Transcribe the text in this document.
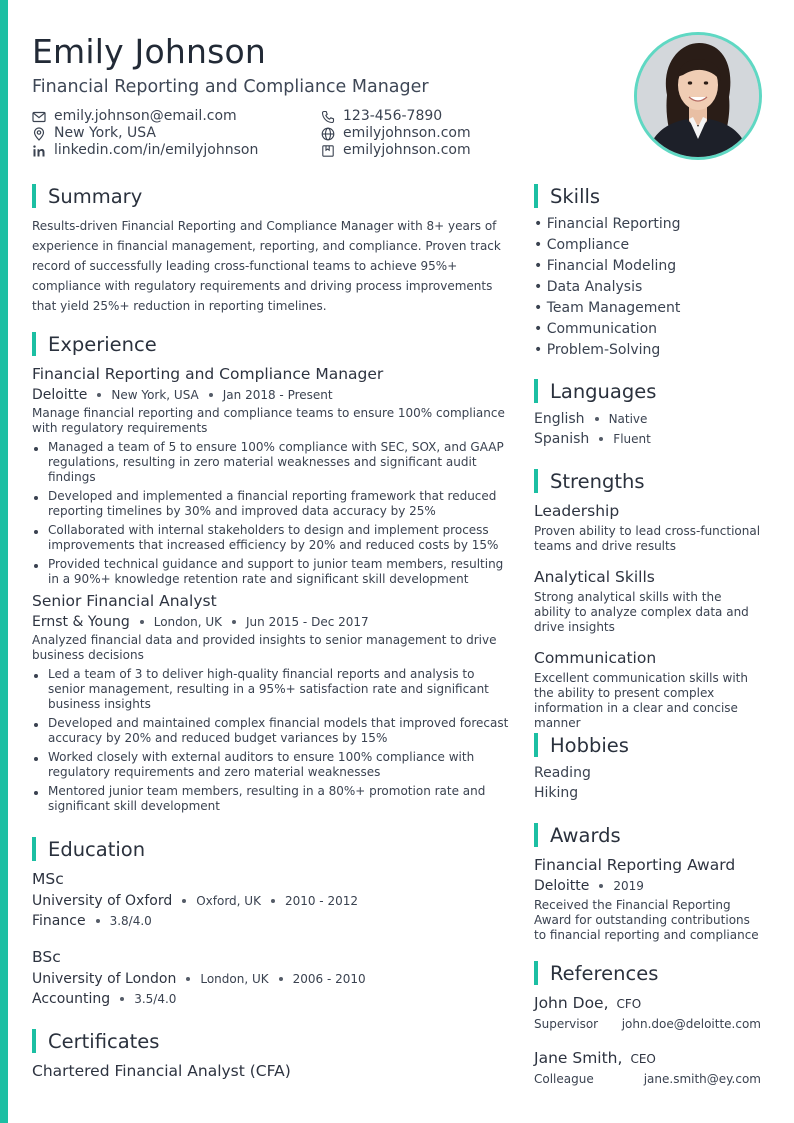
Emily Johnson
Financial Reporting and Compliance Manager
emily.johnson@email.com	123-456-7890
New York, USA	emilyjohnson.com
linkedin.com/in/emilyjohnson	emilyjohnson.com
Summary
Results-driven Financial Reporting and Compliance Manager with 8+ years of experience in financial management, reporting, and compliance. Proven track record of successfully leading cross-functional teams to achieve 95%+ compliance with regulatory requirements and driving process improvements that yield 25%+ reduction in reporting timelines.
Experience
Financial Reporting and Compliance Manager
Deloitte New York, USA Jan 2018 - Present
Manage financial reporting and compliance teams to ensure 100% compliance with regulatory requirements
Managed a team of 5 to ensure 100% compliance with SEC, SOX, and GAAP regulations, resulting in zero material weaknesses and significant audit findings
Developed and implemented a financial reporting framework that reduced reporting timelines by 30% and improved data accuracy by 25%
Collaborated with internal stakeholders to design and implement process improvements that increased efficiency by 20% and reduced costs by 15%
Provided technical guidance and support to junior team members, resulting in a 90%+ knowledge retention rate and significant skill development
Senior Financial Analyst
Ernst & Young London, UK Jun 2015 - Dec 2017
Analyzed financial data and provided insights to senior management to drive business decisions
Led a team of 3 to deliver high-quality financial reports and analysis to senior management, resulting in a 95%+ satisfaction rate and significant business insights
Developed and maintained complex financial models that improved forecast accuracy by 20% and reduced budget variances by 15%
Worked closely with external auditors to ensure 100% compliance with regulatory requirements and zero material weaknesses
Mentored junior team members, resulting in a 80%+ promotion rate and significant skill development
Education
MSc
University of Oxford Oxford, UK 2010 - 2012
Finance 3.8/4.0
BSc
University of London London, UK 2006 - 2010
Accounting 3.5/4.0
Certificates
Chartered Financial Analyst (CFA)
Skills
• Financial Reporting
• Compliance
• Financial Modeling
• Data Analysis
• Team Management
• Communication
• Problem-Solving
Languages
English Native
Spanish Fluent
Strengths
Leadership
Proven ability to lead cross-functional teams and drive results
Analytical Skills
Strong analytical skills with the ability to analyze complex data and drive insights
Communication
Excellent communication skills with the ability to present complex information in a clear and concise manner
Hobbies
Reading
Hiking
Awards
Financial Reporting Award
Deloitte 2019
Received the Financial Reporting Award for outstanding contributions to financial reporting and compliance
References
John Doe, CFO
Supervisor john.doe@deloitte.com
Jane Smith, CEO
Colleague	jane.smith@ey.com
